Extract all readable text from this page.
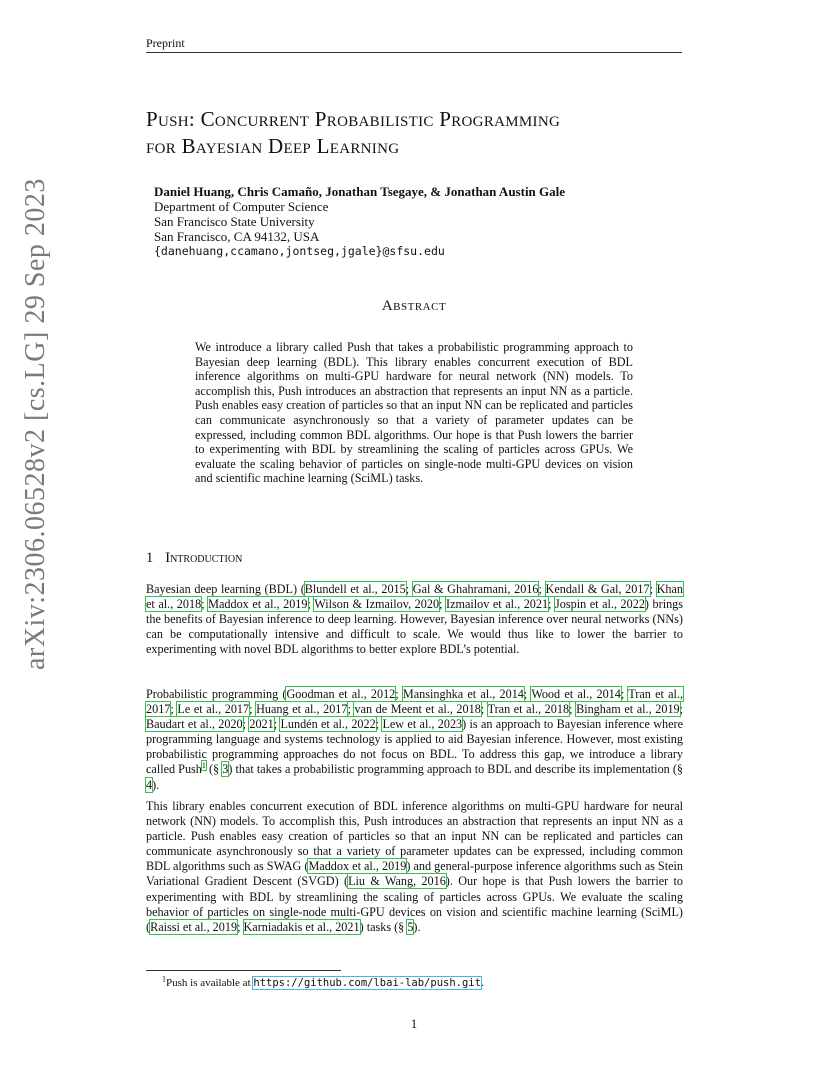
Preprint
Push: Concurrent Probabilistic Programming
for Bayesian Deep Learning
Daniel Huang, Chris Camaño, Jonathan Tsegaye, & Jonathan Austin Gale
Department of Computer Science
San Francisco State University
San Francisco, CA 94132, USA
{danehuang,ccamano,jontseg,jgale}@sfsu.edu
arXiv:2306.06528v2 [cs.LG] 29 Sep 2023	Abstract
We introduce a library called Push that takes a probabilistic programming approach to Bayesian deep learning (BDL). This library enables concurrent execution of BDL inference algorithms on multi-GPU hardware for neural network (NN) models. To accomplish this, Push introduces an abstraction that represents an input NN as a particle. Push enables easy creation of particles so that an input NN can be replicated and particles can communicate asynchronously so that a variety of parameter updates can be expressed, including common BDL algorithms. Our hope is that Push lowers the barrier to experimenting with BDL by streamlining the scaling of particles across GPUs. We evaluate the scaling behavior of particles on single-node multi-GPU devices on vision and scientific machine learning (SciML) tasks.
1 Introduction
Bayesian deep learning (BDL) (Blundell et al., 2015; Gal & Ghahramani, 2016; Kendall & Gal, 2017; Khan et al., 2018; Maddox et al., 2019; Wilson & Izmailov, 2020; Izmailov et al., 2021; Jospin et al., 2022) brings the benefits of Bayesian inference to deep learning. However, Bayesian inference over neural networks (NNs) can be computationally intensive and difficult to scale. We would thus like to lower the barrier to experimenting with novel BDL algorithms to better explore BDL’s potential.
Probabilistic programming (Goodman et al., 2012; Mansinghka et al., 2014; Wood et al., 2014; Tran et al., 2017; Le et al., 2017; Huang et al., 2017; van de Meent et al., 2018; Tran et al., 2018; Bingham et al., 2019; Baudart et al., 2020; 2021; Lundén et al., 2022; Lew et al., 2023) is an approach to Bayesian inference where programming language and systems technology is applied to aid Bayesian inference. However, most existing probabilistic programming approaches do not focus on BDL. To address this gap, we introduce a library called Push$^1$ (§ 3) that takes a probabilistic programming approach to BDL and describe its implementation (§ 4).
This library enables concurrent execution of BDL inference algorithms on multi-GPU hardware for neural network (NN) models. To accomplish this, Push introduces an abstraction that represents an input NN as a particle. Push enables easy creation of particles so that an input NN can be replicated and particles can communicate asynchronously so that a variety of parameter updates can be expressed, including common BDL algorithms such as SWAG (Maddox et al., 2019) and general-purpose inference algorithms such as Stein Variational Gradient Descent (SVGD) (Liu & Wang, 2016). Our hope is that Push lowers the barrier to experimenting with BDL by streamlining the scaling of particles across GPUs. We evaluate the scaling behavior of particles on single-node multi-GPU devices on vision and scientific machine learning (SciML) (Raissi et al., 2019; Karniadakis et al., 2021) tasks (§ 5).
$^1$Push is available at https://github.com/lbai-lab/push.git.
1
